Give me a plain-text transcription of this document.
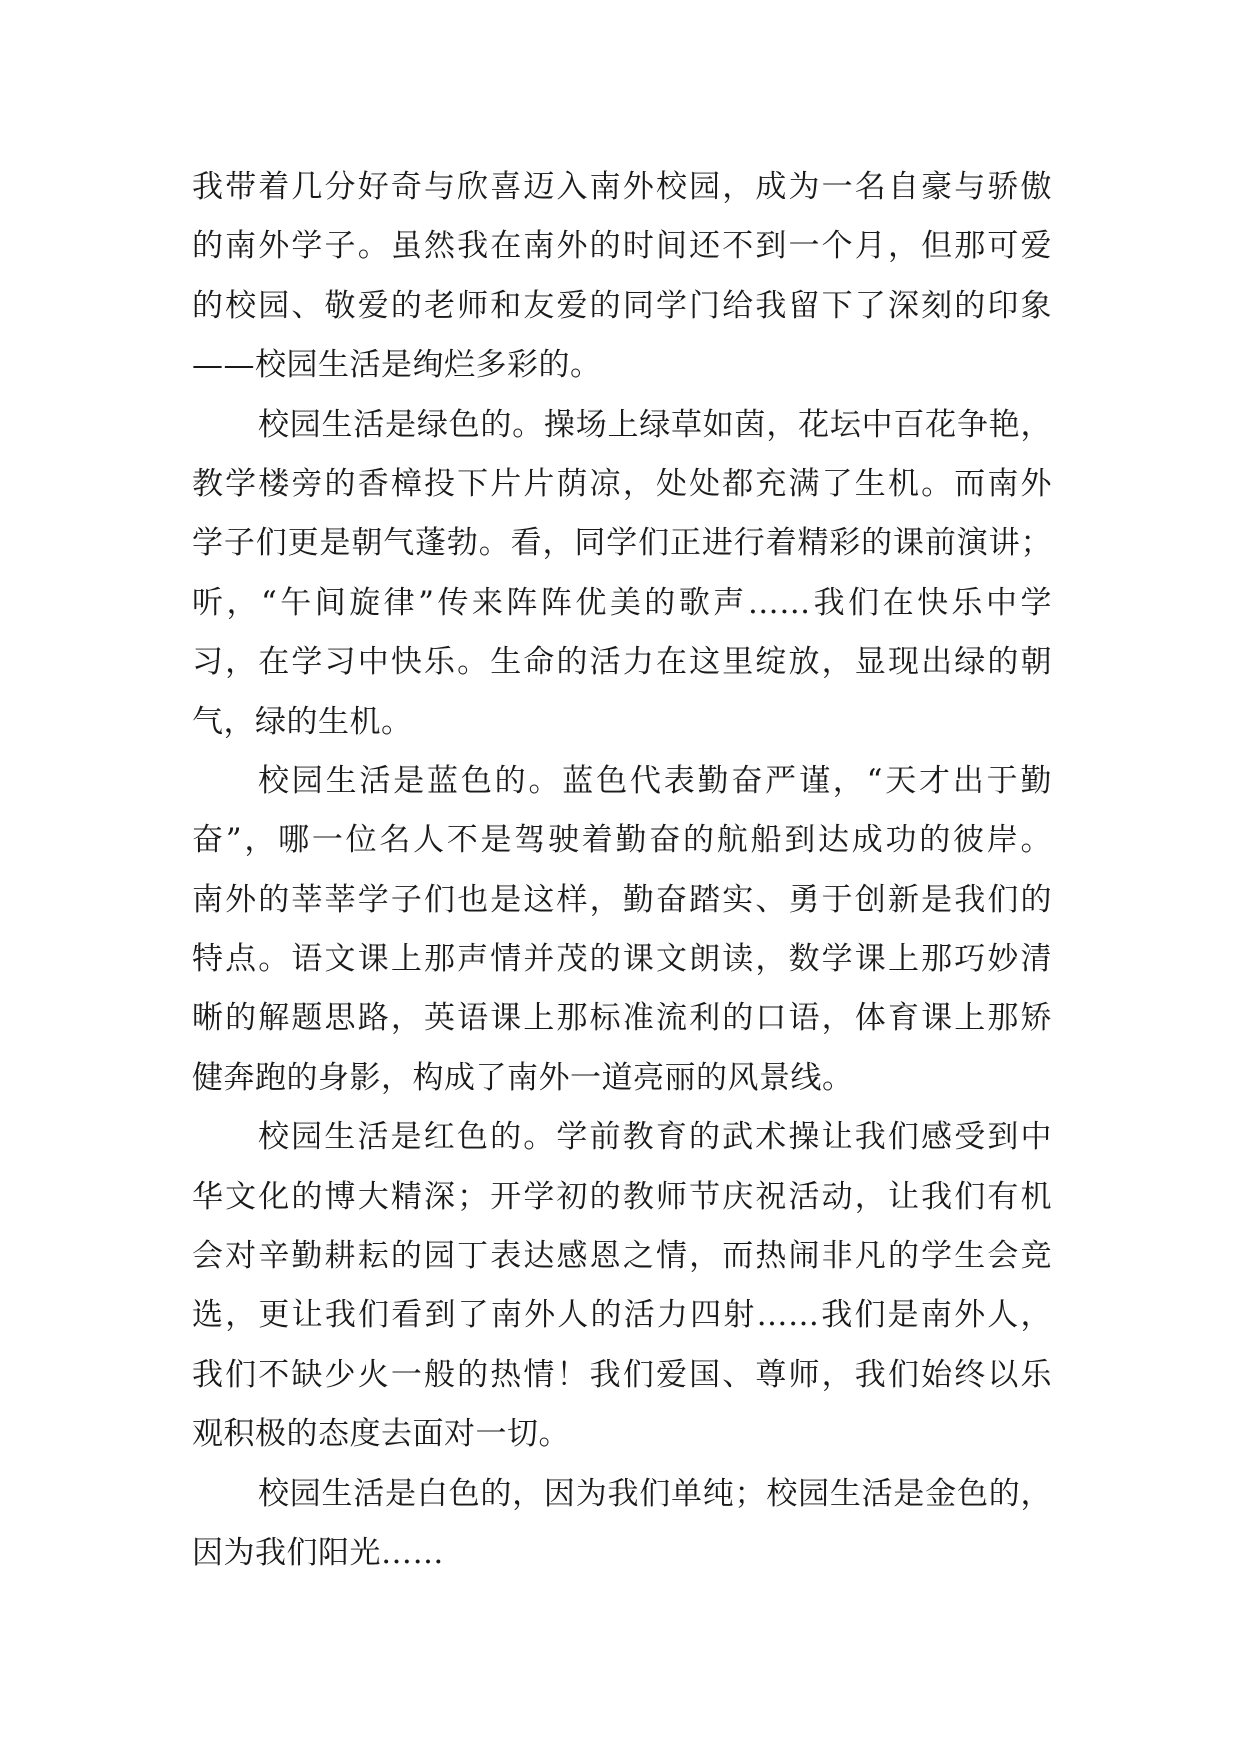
我带着几分好奇与欣喜迈入南外校园，成为一名自豪与骄傲
的南外学子。虽然我在南外的时间还不到一个月，但那可爱
的校园、敬爱的老师和友爱的同学门给我留下了深刻的印象
——校园生活是绚烂多彩的。
校园生活是绿色的。操场上绿草如茵，花坛中百花争艳，
教学楼旁的香樟投下片片荫凉，处处都充满了生机。而南外
学子们更是朝气蓬勃。看，同学们正进行着精彩的课前演讲；
听，“午间旋律”传来阵阵优美的歌声……我们在快乐中学
习，在学习中快乐。生命的活力在这里绽放，显现出绿的朝
气，绿的生机。
校园生活是蓝色的。蓝色代表勤奋严谨，“天才出于勤
奋”，哪一位名人不是驾驶着勤奋的航船到达成功的彼岸。
南外的莘莘学子们也是这样，勤奋踏实、勇于创新是我们的
特点。语文课上那声情并茂的课文朗读，数学课上那巧妙清
晰的解题思路，英语课上那标准流利的口语，体育课上那矫
健奔跑的身影，构成了南外一道亮丽的风景线。
校园生活是红色的。学前教育的武术操让我们感受到中
华文化的博大精深；开学初的教师节庆祝活动，让我们有机
会对辛勤耕耘的园丁表达感恩之情，而热闹非凡的学生会竞
选，更让我们看到了南外人的活力四射……我们是南外人，
我们不缺少火一般的热情！我们爱国、尊师，我们始终以乐
观积极的态度去面对一切。
校园生活是白色的，因为我们单纯；校园生活是金色的，
因为我们阳光……
